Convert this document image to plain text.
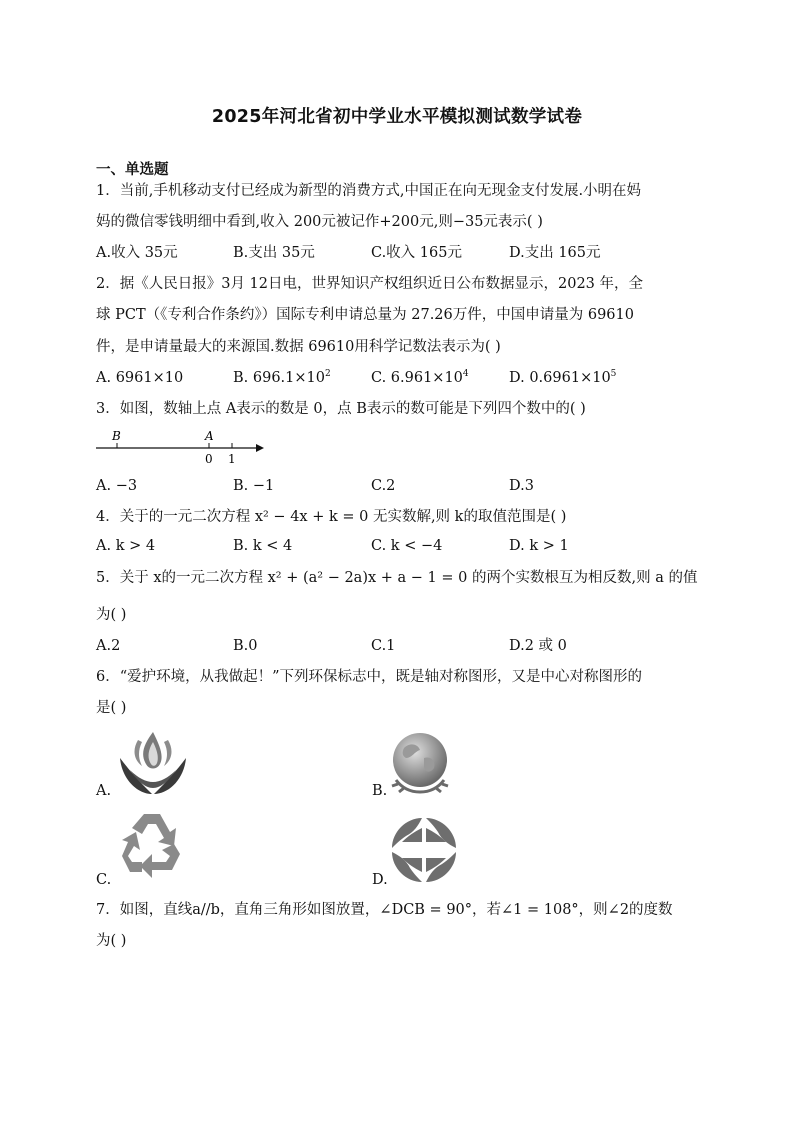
2025年河北省初中学业水平模拟测试数学试卷
一、单选题
1．当前,手机移动支付已经成为新型的消费方式,中国正在向无现金支付发展.小明在妈
妈的微信零钱明细中看到,收入 200元被记作+200元,则−35元表示( )
A.收入 35元	B.支出 35元	C.收入 165元	D.支出 165元
2．据《人民日报》3月 12日电，世界知识产权组织近日公布数据显示，2023 年，全
球 PCT（《专利合作条约》）国际专利申请总量为 27.26万件，中国申请量为 69610
件，是申请量最大的来源国.数据 69610用科学记数法表示为( )
A. 6961×10	B. $696.1\times 10^2$	C. $6.961\times 10^4$	D. $0.6961\times 10^5$
3．如图，数轴上点 A表示的数是 0，点 B表示的数可能是下列四个数中的( )
B	A
0 1
A. −3	B. −1	C.2	D.3
4．关于的一元二次方程 x² − 4x + k = 0 无实数解,则 k的取值范围是( )
A. k > 4	B. k < 4	C. k < −4	D. k > 1
5．关于 x的一元二次方程 x² + (a² − 2a)x + a − 1 = 0 的两个实数根互为相反数,则 a 的值
为( )
A.2	B.0	C.1	D.2 或 0
6．“爱护环境，从我做起！”下列环保标志中，既是轴对称图形，又是中心对称图形的
是( )
A.	B.
C.	D.
7．如图，直线a//b，直角三角形如图放置，∠DCB = 90°，若∠1 = 108°，则∠2的度数
为( )
